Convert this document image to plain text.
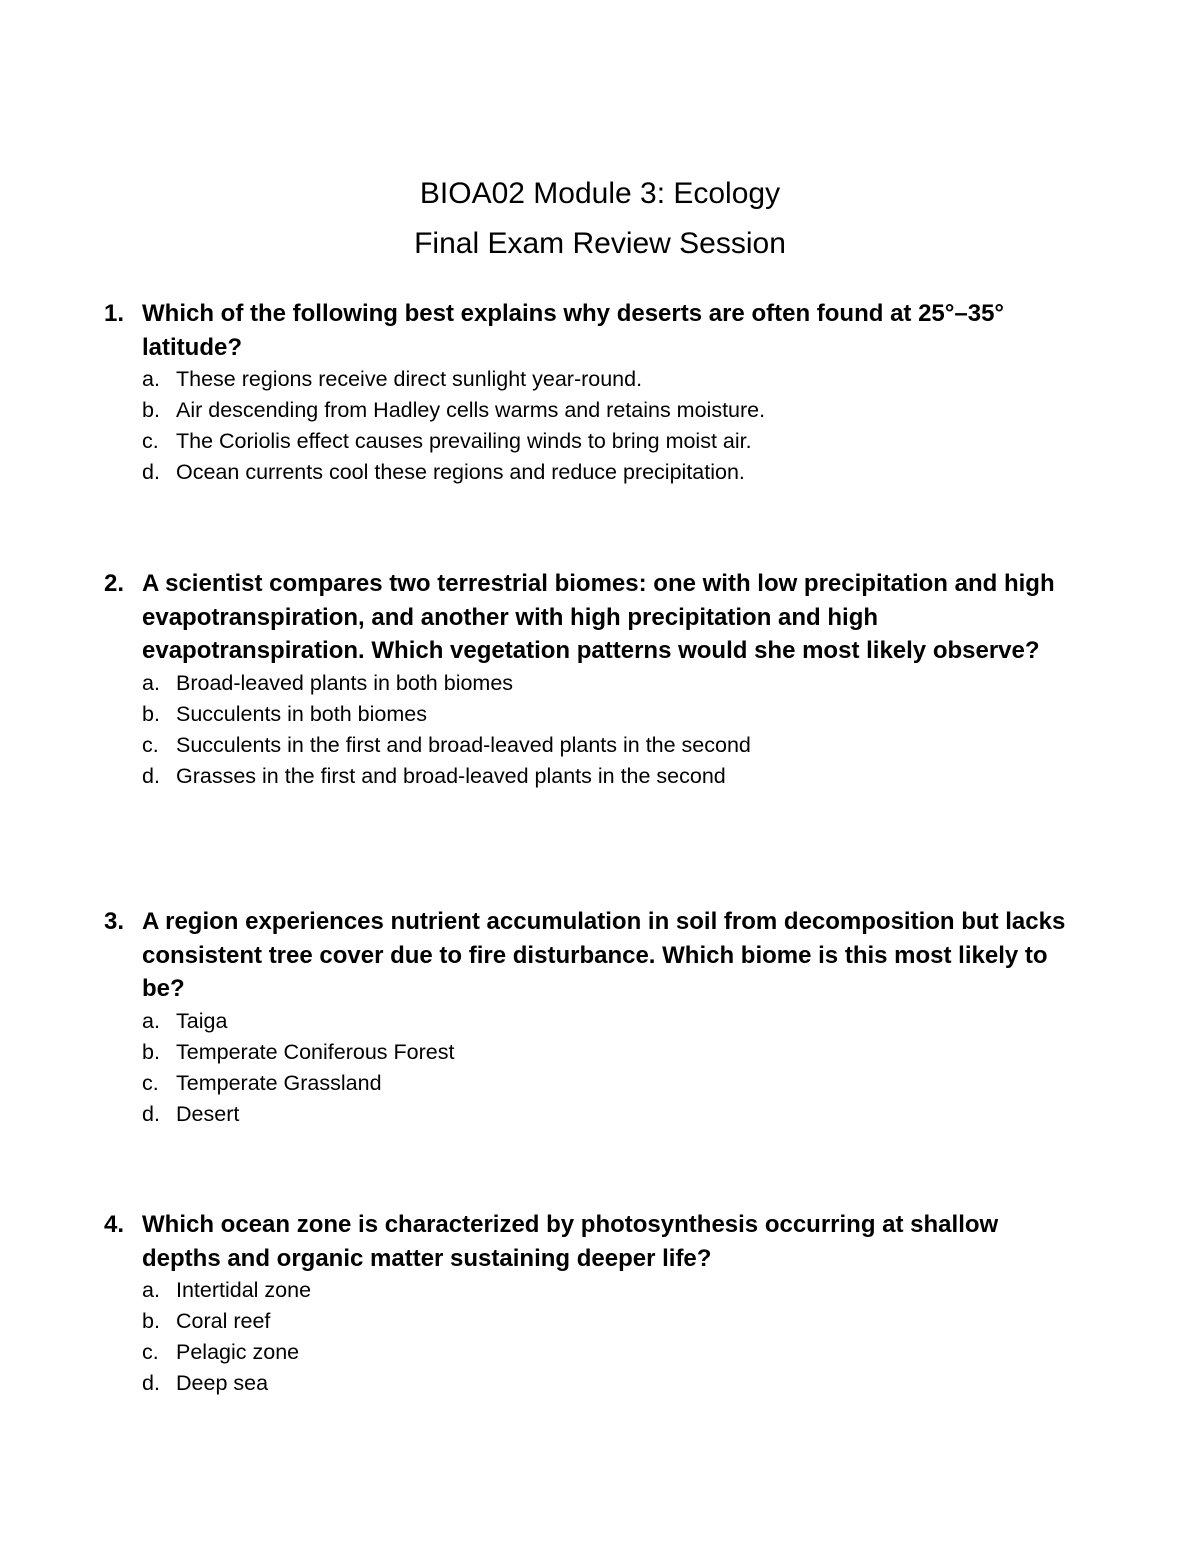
BIOA02 Module 3: Ecology
Final Exam Review Session

1. Which of the following best explains why deserts are often found at 25°–35° latitude?

a. These regions receive direct sunlight year-round.
b. Air descending from Hadley cells warms and retains moisture.
c. The Coriolis effect causes prevailing winds to bring moist air.
d. Ocean currents cool these regions and reduce precipitation.

2. A scientist compares two terrestrial biomes: one with low precipitation and high evapotranspiration, and another with high precipitation and high evapotranspiration. Which vegetation patterns would she most likely observe?

a. Broad-leaved plants in both biomes
b. Succulents in both biomes
c. Succulents in the first and broad-leaved plants in the second
d. Grasses in the first and broad-leaved plants in the second

3. A region experiences nutrient accumulation in soil from decomposition but lacks consistent tree cover due to fire disturbance. Which biome is this most likely to be?

a. Taiga
b. Temperate Coniferous Forest
c. Temperate Grassland
d. Desert

4. Which ocean zone is characterized by photosynthesis occurring at shallow depths and organic matter sustaining deeper life?

a. Intertidal zone
b. Coral reef
c. Pelagic zone
d. Deep sea
